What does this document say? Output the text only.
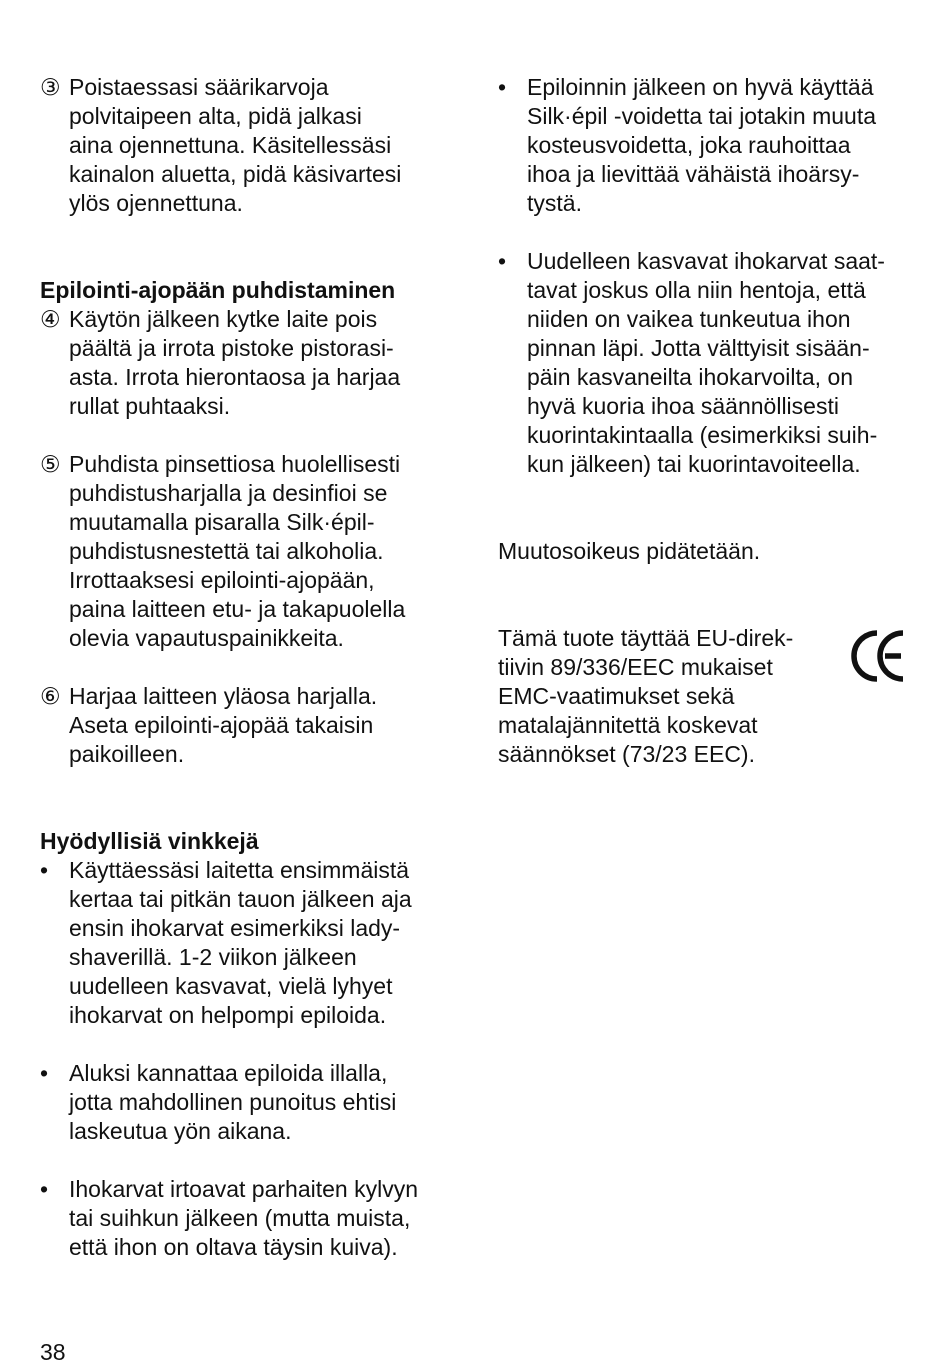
③ Poistaessasi säärikarvoja
polvitaipeen alta, pidä jalkasi
aina ojennettuna. Käsitellessäsi
kainalon aluetta, pidä käsivartesi
ylös ojennettuna.
Epilointi-ajopään puhdistaminen
④ Käytön jälkeen kytke laite pois
päältä ja irrota pistoke pistorasi-
asta. Irrota hierontaosa ja harjaa
rullat puhtaaksi.
⑤ Puhdista pinsettiosa huolellisesti
puhdistusharjalla ja desinfioi se
muutamalla pisaralla Silk·épil-
puhdistusnestettä tai alkoholia.
Irrottaaksesi epilointi-ajopään,
paina laitteen etu- ja takapuolella
olevia vapautuspainikkeita.
⑥ Harjaa laitteen yläosa harjalla.
Aseta epilointi-ajopää takaisin
paikoilleen.
Hyödyllisiä vinkkejä
• Käyttäessäsi laitetta ensimmäistä
kertaa tai pitkän tauon jälkeen aja
ensin ihokarvat esimerkiksi lady-
shaverillä. 1-2 viikon jälkeen
uudelleen kasvavat, vielä lyhyet
ihokarvat on helpompi epiloida.
• Aluksi kannattaa epiloida illalla,
jotta mahdollinen punoitus ehtisi
laskeutua yön aikana.
• Ihokarvat irtoavat parhaiten kylvyn
tai suihkun jälkeen (mutta muista,
että ihon on oltava täysin kuiva).
• Epiloinnin jälkeen on hyvä käyttää
Silk·épil -voidetta tai jotakin muuta
kosteusvoidetta, joka rauhoittaa
ihoa ja lievittää vähäistä ihoärsy-
tystä.
• Uudelleen kasvavat ihokarvat saat-
tavat joskus olla niin hentoja, että
niiden on vaikea tunkeutua ihon
pinnan läpi. Jotta välttyisit sisään-
päin kasvaneilta ihokarvoilta, on
hyvä kuoria ihoa säännöllisesti
kuorintakintaalla (esimerkiksi suih-
kun jälkeen) tai kuorintavoiteella.
Muutosoikeus pidätetään.
Tämä tuote täyttää EU-direk-
tiivin 89/336/EEC mukaiset
EMC-vaatimukset sekä
matalajännitettä koskevat
säännökset (73/23 EEC).
38
